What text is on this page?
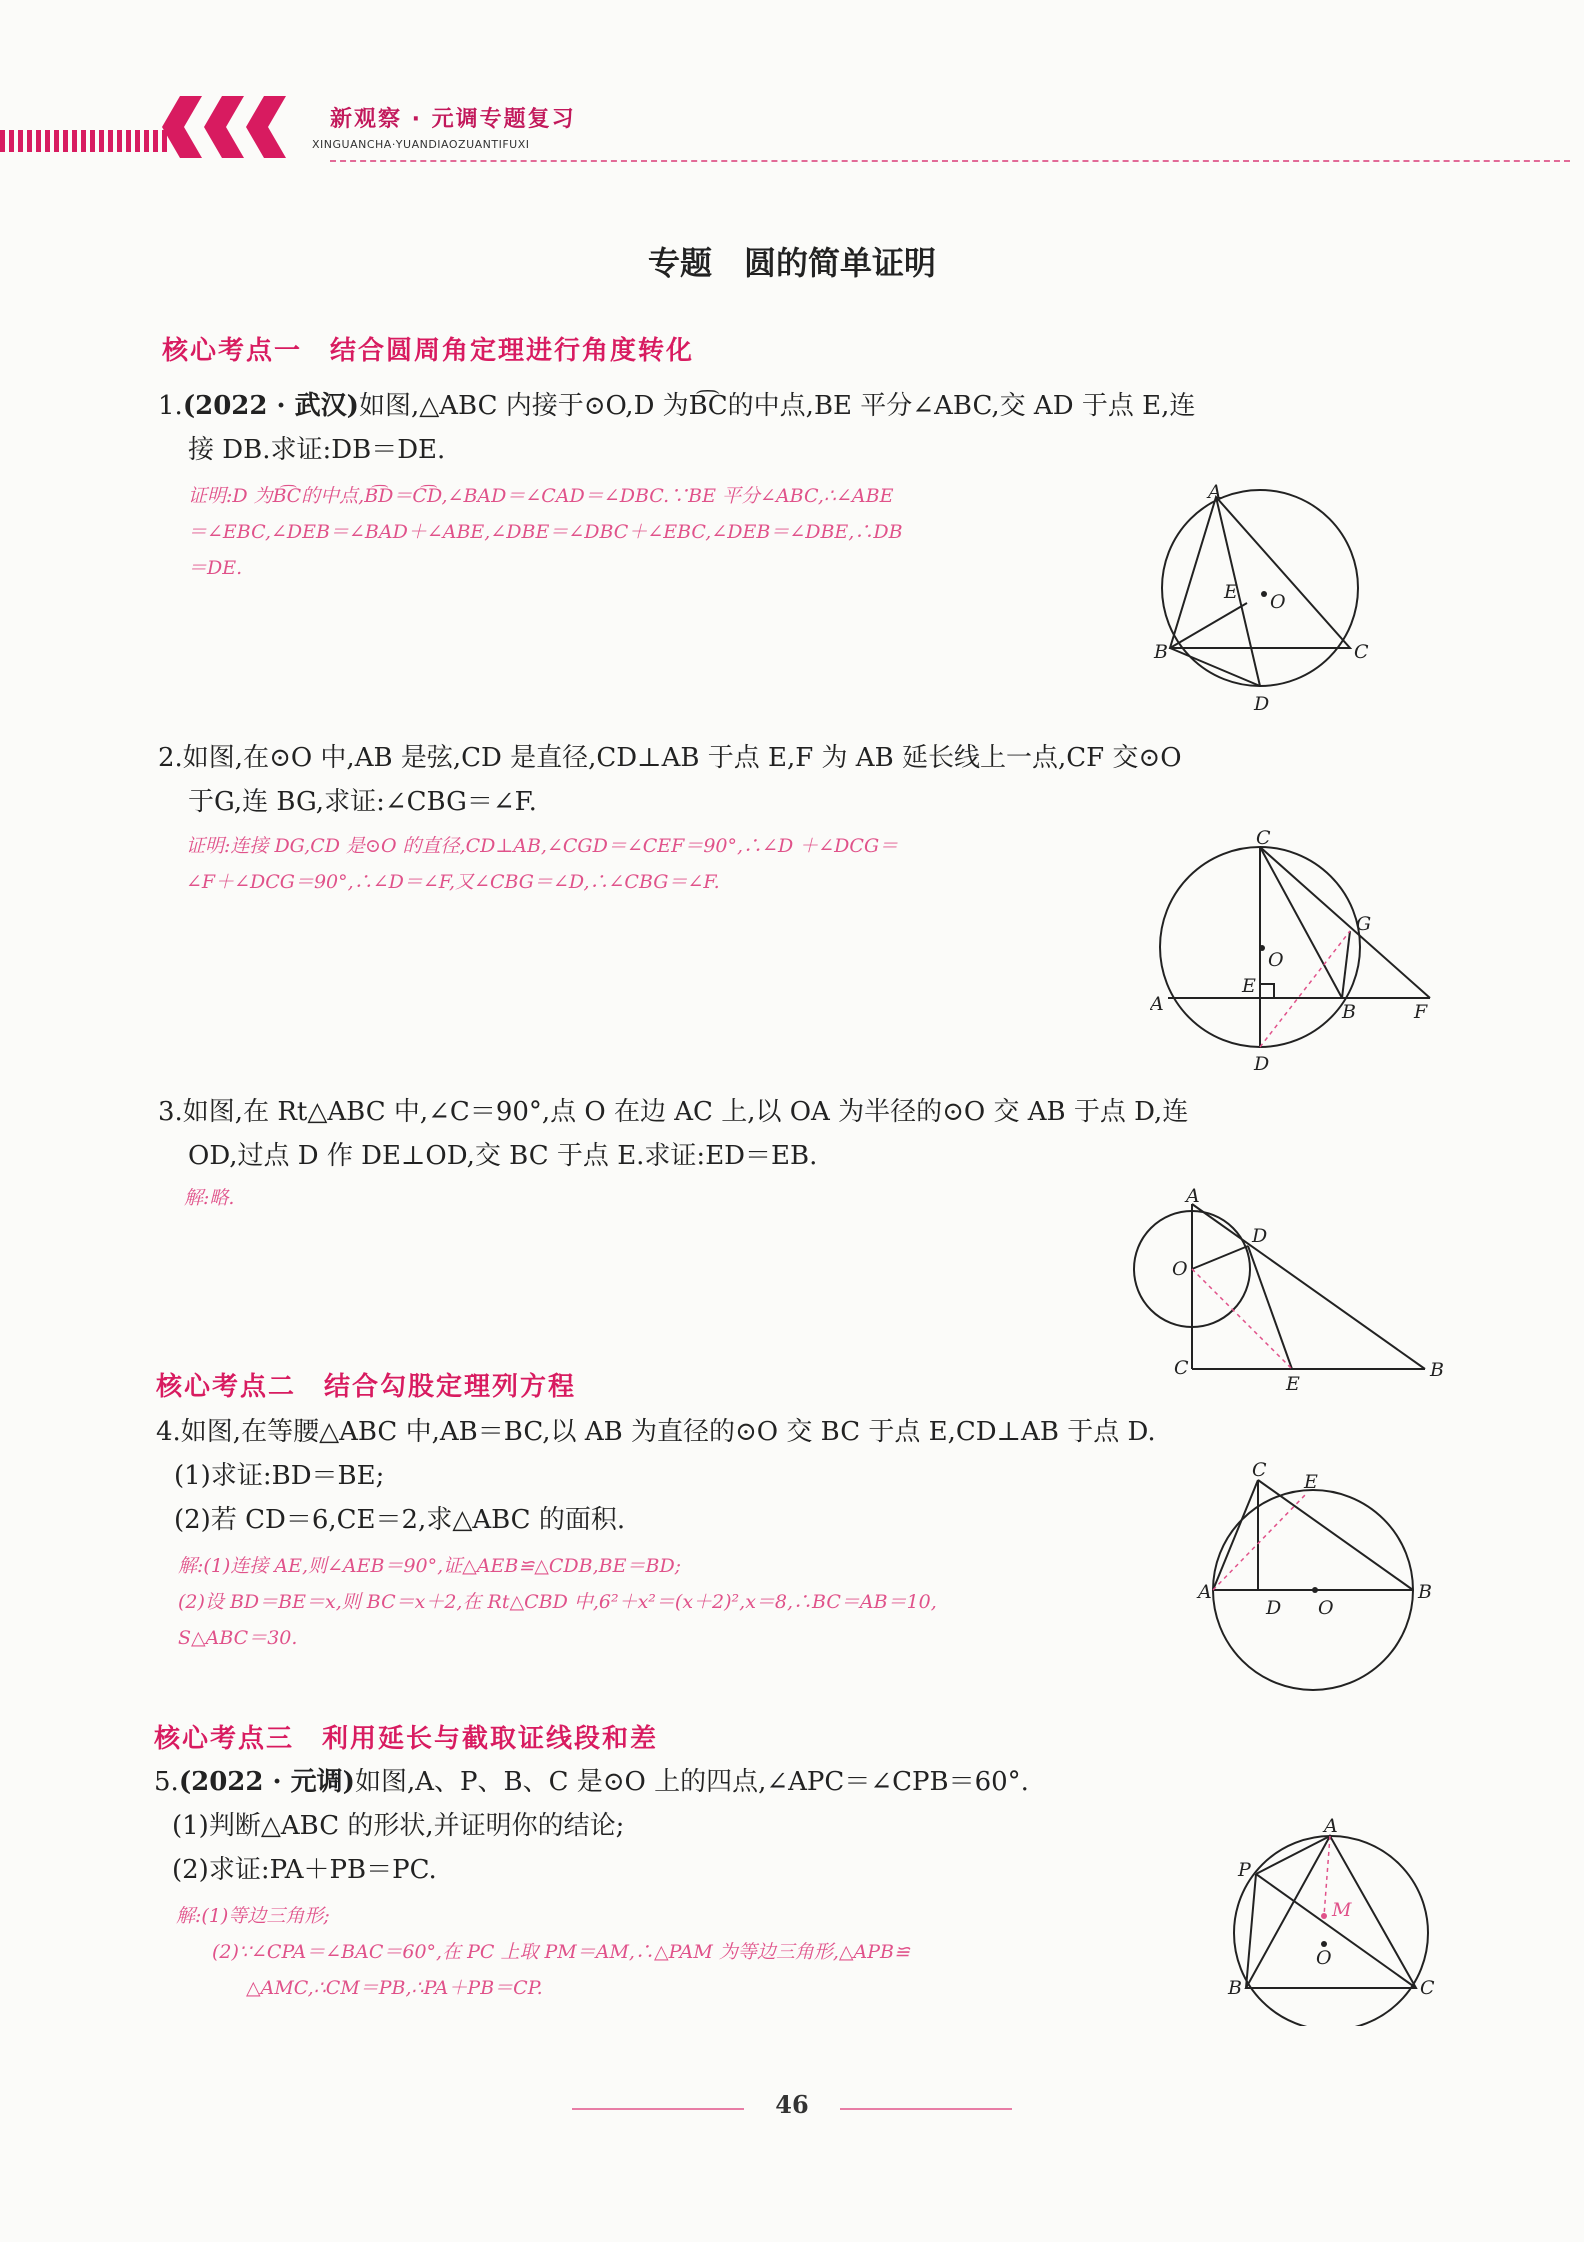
新观察 · 元调专题复习
XINGUANCHA·YUANDIAOZUANTIFUXI
专题　圆的简单证明
核心考点一　结合圆周角定理进行角度转化
1.(2022 · 武汉)如图,△ABC 内接于⊙O,D 为B͡C的中点,BE 平分∠ABC,交 AD 于点 E,连
接 DB.求证:DB＝DE.
证明:D 为B͡C的中点,B͡D＝C͡D,∠BAD＝∠CAD＝∠DBC.∵BE 平分∠ABC,∴∠ABE
＝∠EBC,∠DEB＝∠BAD＋∠ABE,∠DBE＝∠DBC＋∠EBC,∠DEB＝∠DBE,∴DB
＝DE.
A
B	C
D
E O
2.如图,在⊙O 中,AB 是弦,CD 是直径,CD⊥AB 于点 E,F 为 AB 延长线上一点,CF 交⊙O
于G,连 BG,求证:∠CBG＝∠F.
证明:连接 DG,CD 是⊙O 的直径,CD⊥AB,∠CGD＝∠CEF＝90°,∴∠D ＋∠DCG＝
∠F＋∠DCG＝90°,∴∠D＝∠F,又∠CBG＝∠D,∴∠CBG＝∠F.
C
A	B
D
E
F
G
O
3.如图,在 Rt△ABC 中,∠C＝90°,点 O 在边 AC 上,以 OA 为半径的⊙O 交 AB 于点 D,连
OD,过点 D 作 DE⊥OD,交 BC 于点 E.求证:ED＝EB.
解:略.	A
C	B
D
E
O
核心考点二　结合勾股定理列方程
4.如图,在等腰△ABC 中,AB＝BC,以 AB 为直径的⊙O 交 BC 于点 E,CD⊥AB 于点 D.
(1)求证:BD＝BE;
(2)若 CD＝6,CE＝2,求△ABC 的面积.
解:(1)连接 AE,则∠AEB＝90°,证△AEB≌△CDB,BE＝BD;
(2)设 BD＝BE＝x,则 BC＝x＋2,在 Rt△CBD 中,6²＋x²＝(x＋2)²,x＝8,∴BC＝AB＝10,
S△ABC＝30.
C
E
A	B
D O
核心考点三　利用延长与截取证线段和差
5.(2022 · 元调)如图,A、P、B、C 是⊙O 上的四点,∠APC＝∠CPB＝60°.
(1)判断△ABC 的形状,并证明你的结论;
(2)求证:PA＋PB＝PC.
解:(1)等边三角形;
(2)∵∠CPA＝∠BAC＝60°,在 PC 上取 PM＝AM,∴△PAM 为等边三角形,△APB≌
△AMC,∴CM＝PB,∴PA＋PB＝CP.
A
P
B	C
M
O
46
